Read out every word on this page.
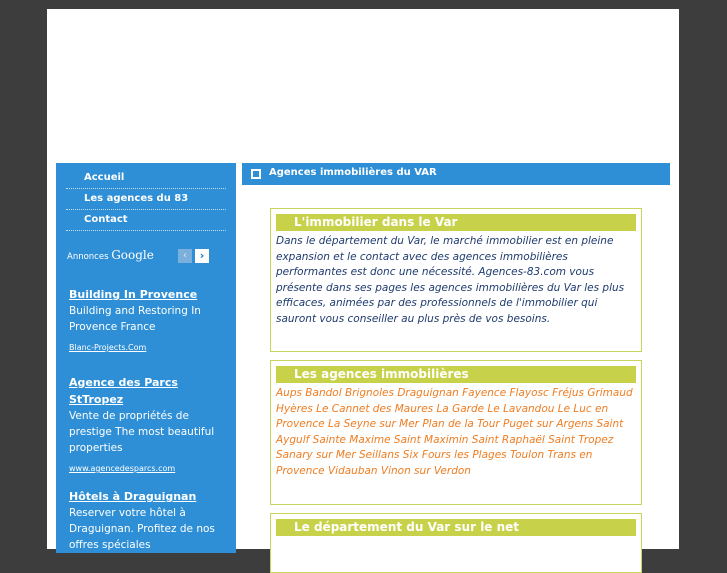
Accueil
Les agences du 83
Contact
Annonces Google	‹	›
Building In Provence
Building and Restoring In Provence France
Blanc-Projects.Com
Agence des Parcs StTropez
Vente de propriétés de prestige The most beautiful properties
www.agencedesparcs.com
Hôtels à Draguignan
Reserver votre hôtel à Draguignan. Profitez de nos offres spéciales
Agences immobilières du VAR
L'immobilier dans le Var
Dans le département du Var, le marché immobilier est en pleine expansion et le contact avec des agences immobilières performantes est donc une nécessité. Agences-83.com vous présente dans ses pages les agences immobilières du Var les plus efficaces, animées par des professionnels de l'immobilier qui sauront vous conseiller au plus près de vos besoins.
Les agences immobilières
Aups Bandol Brignoles Draguignan Fayence Flayosc Fréjus Grimaud Hyères Le Cannet des Maures La Garde Le Lavandou Le Luc en Provence La Seyne sur Mer Plan de la Tour Puget sur Argens Saint Aygulf Sainte Maxime Saint Maximin Saint Raphaël Saint Tropez Sanary sur Mer Seillans Six Fours les Plages Toulon Trans en Provence Vidauban Vinon sur Verdon
Le département du Var sur le net
